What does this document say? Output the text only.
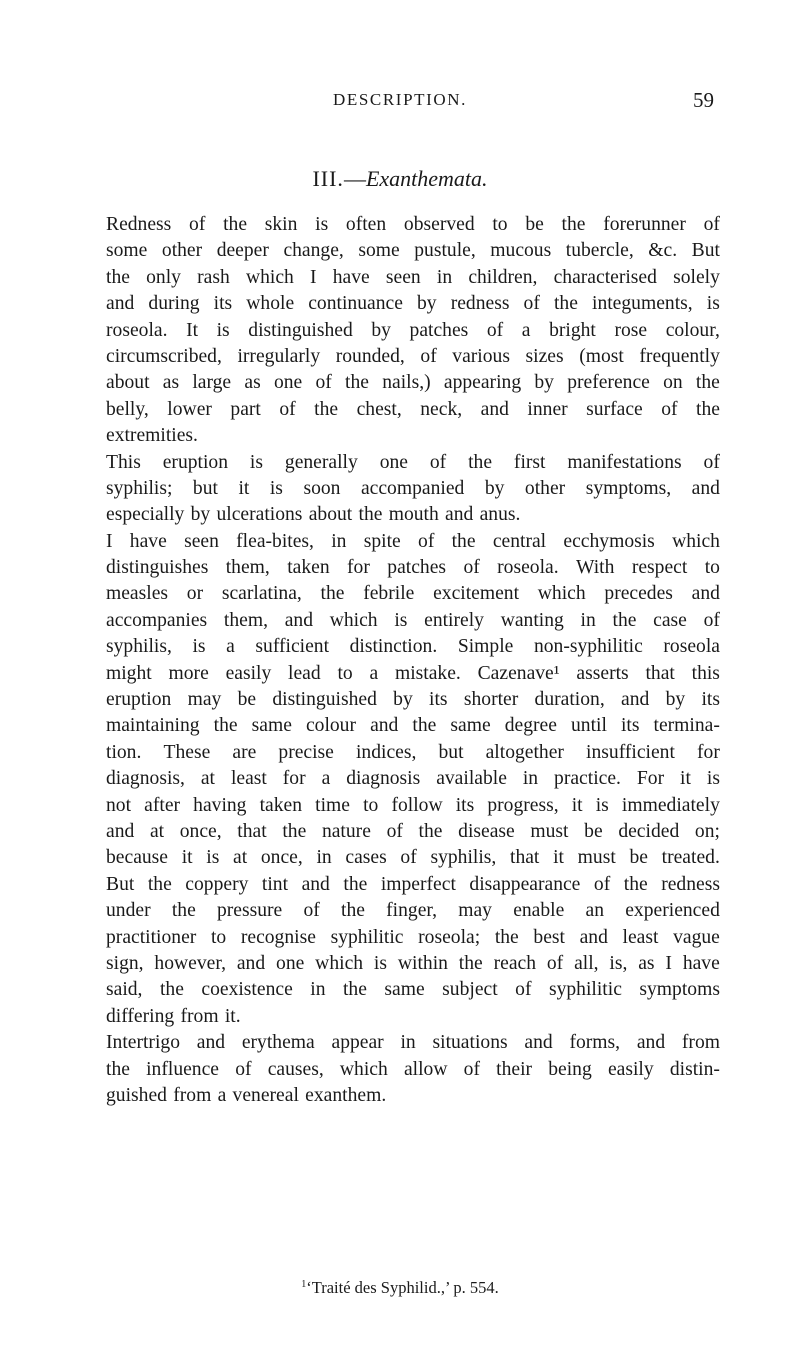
DESCRIPTION.	59
III.—Exanthemata.
Redness of the skin is often observed to be the forerunner of
some other deeper change, some pustule, mucous tubercle, &c. But
the only rash which I have seen in children, characterised solely
and during its whole continuance by redness of the integuments, is
roseola. It is distinguished by patches of a bright rose colour,
circumscribed, irregularly rounded, of various sizes (most frequently
about as large as one of the nails,) appearing by preference on the
belly, lower part of the chest, neck, and inner surface of the
extremities.
This eruption is generally one of the first manifestations of
syphilis; but it is soon accompanied by other symptoms, and
especially by ulcerations about the mouth and anus.
I have seen flea-bites, in spite of the central ecchymosis which
distinguishes them, taken for patches of roseola. With respect to
measles or scarlatina, the febrile excitement which precedes and
accompanies them, and which is entirely wanting in the case of
syphilis, is a sufficient distinction. Simple non-syphilitic roseola
might more easily lead to a mistake. Cazenave¹ asserts that this
eruption may be distinguished by its shorter duration, and by its
maintaining the same colour and the same degree until its termina-
tion. These are precise indices, but altogether insufficient for
diagnosis, at least for a diagnosis available in practice. For it is
not after having taken time to follow its progress, it is immediately
and at once, that the nature of the disease must be decided on;
because it is at once, in cases of syphilis, that it must be treated.
But the coppery tint and the imperfect disappearance of the redness
under the pressure of the finger, may enable an experienced
practitioner to recognise syphilitic roseola; the best and least vague
sign, however, and one which is within the reach of all, is, as I have
said, the coexistence in the same subject of syphilitic symptoms
differing from it.
Intertrigo and erythema appear in situations and forms, and from
the influence of causes, which allow of their being easily distin-
guished from a venereal exanthem.
$^1$‘Traité des Syphilid.,’ p. 554.
